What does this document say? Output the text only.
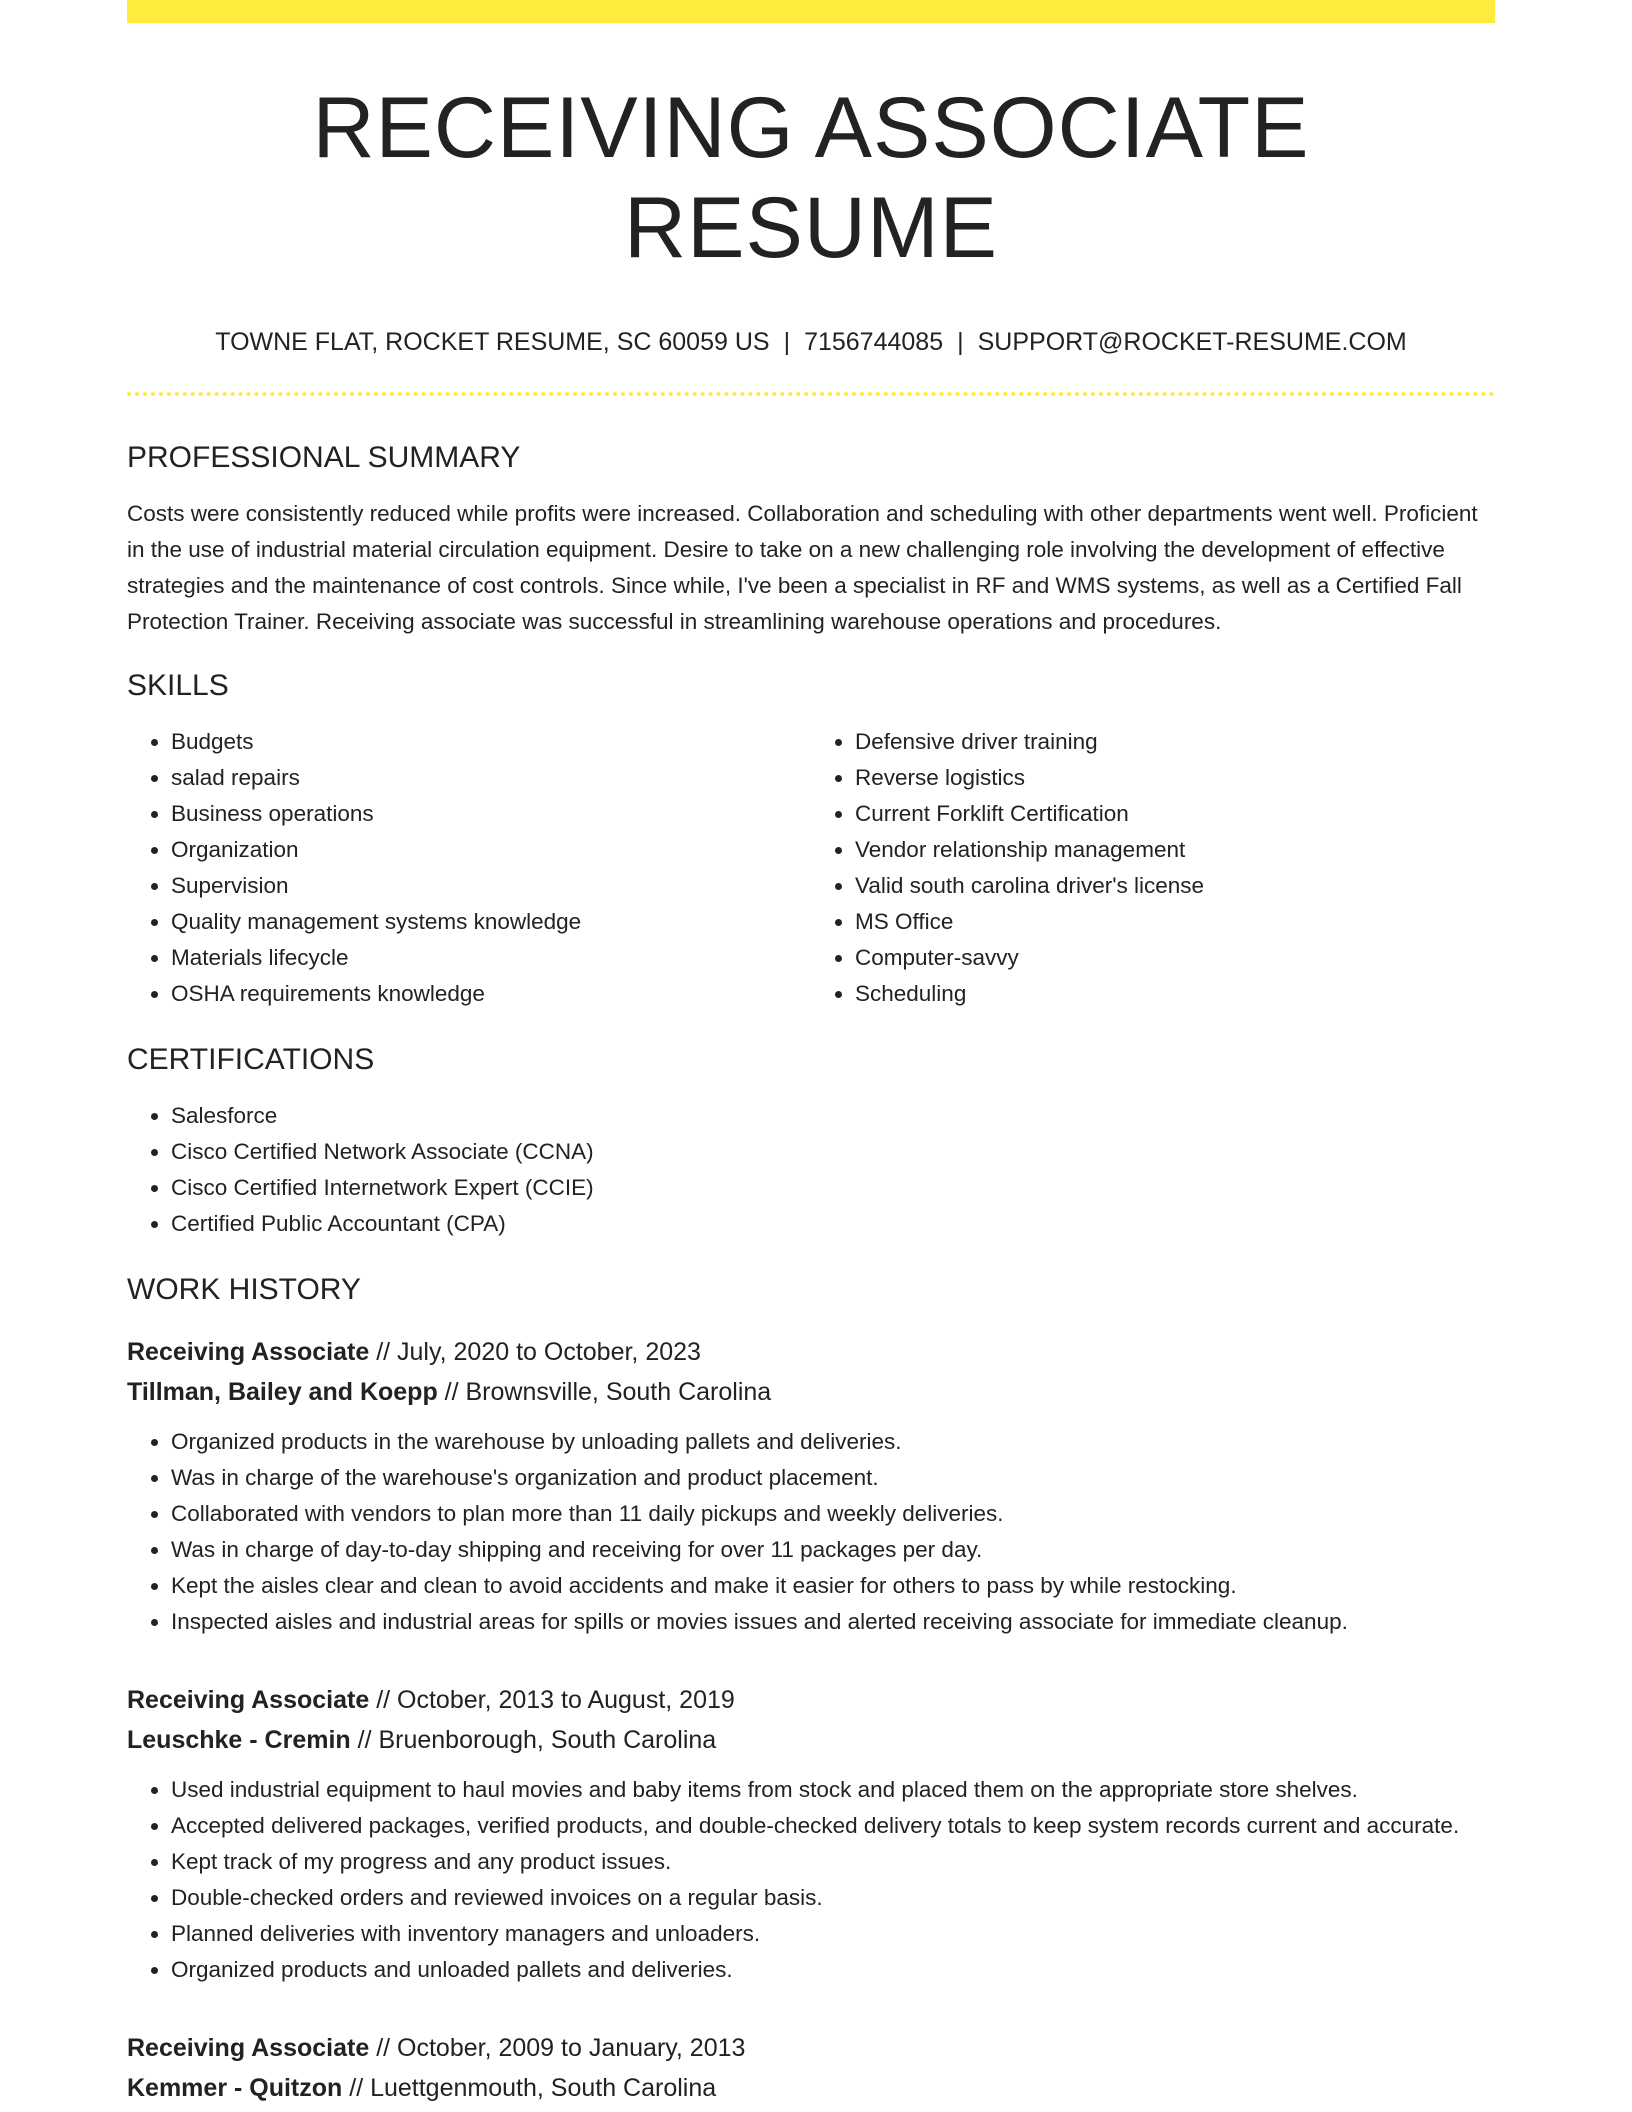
RECEIVING ASSOCIATE RESUME
TOWNE FLAT, ROCKET RESUME, SC 60059 US | 7156744085 | SUPPORT@ROCKET-RESUME.COM
PROFESSIONAL SUMMARY

Costs were consistently reduced while profits were increased. Collaboration and scheduling with other departments went well. Proficient in the use of industrial material circulation equipment. Desire to take on a new challenging role involving the development of effective strategies and the maintenance of cost controls. Since while, I've been a specialist in RF and WMS systems, as well as a Certified Fall Protection Trainer. Receiving associate was successful in streamlining warehouse operations and procedures.

SKILLS
• Budgets
• salad repairs
• Business operations
• Organization
• Supervision
• Quality management systems knowledge
• Materials lifecycle
• OSHA requirements knowledge
• Defensive driver training
• Reverse logistics
• Current Forklift Certification
• Vendor relationship management
• Valid south carolina driver's license
• MS Office
• Computer-savvy
• Scheduling
CERTIFICATIONS
• Salesforce
• Cisco Certified Network Associate (CCNA)
• Cisco Certified Internetwork Expert (CCIE)
• Certified Public Accountant (CPA)
WORK HISTORY
Receiving Associate // July, 2020 to October, 2023
Tillman, Bailey and Koepp // Brownsville, South Carolina
• Organized products in the warehouse by unloading pallets and deliveries.
• Was in charge of the warehouse's organization and product placement.
• Collaborated with vendors to plan more than 11 daily pickups and weekly deliveries.
• Was in charge of day-to-day shipping and receiving for over 11 packages per day.
• Kept the aisles clear and clean to avoid accidents and make it easier for others to pass by while restocking.
• Inspected aisles and industrial areas for spills or movies issues and alerted receiving associate for immediate cleanup.
Receiving Associate // October, 2013 to August, 2019
Leuschke - Cremin // Bruenborough, South Carolina
• Used industrial equipment to haul movies and baby items from stock and placed them on the appropriate store shelves.
• Accepted delivered packages, verified products, and double-checked delivery totals to keep system records current and accurate.
• Kept track of my progress and any product issues.
• Double-checked orders and reviewed invoices on a regular basis.
• Planned deliveries with inventory managers and unloaders.
• Organized products and unloaded pallets and deliveries.
Receiving Associate // October, 2009 to January, 2013
Kemmer - Quitzon // Luettgenmouth, South Carolina
